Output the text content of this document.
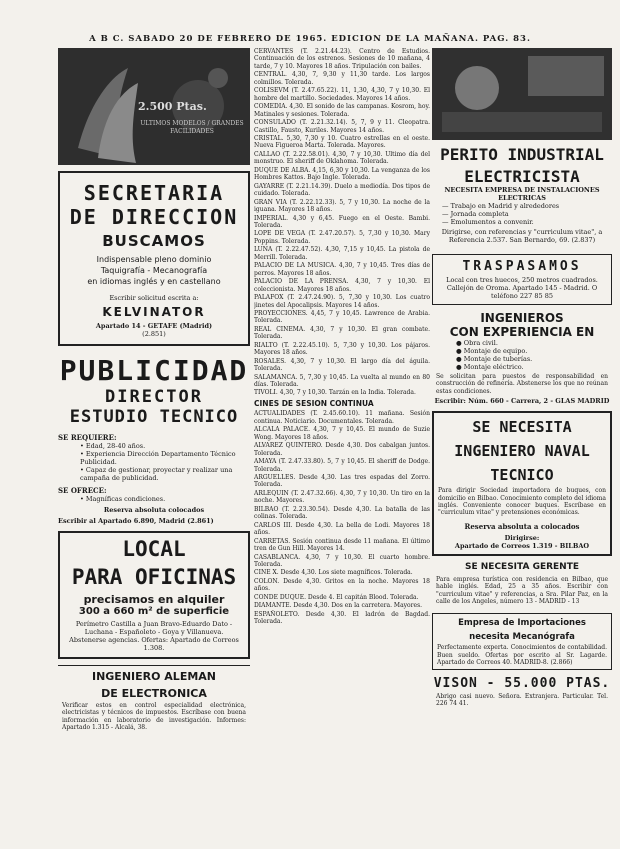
A B C. SABADO 20 DE FEBRERO DE 1965. EDICION DE LA MAÑANA. PAG. 83.
2.500 Ptas.
ULTIMOS MODELOS / GRANDES FACILIDADES
SECRETARIA
DE DIRECCION
BUSCAMOS
Indispensable pleno dominio
Taquigrafía - Mecanografía
en idiomas inglés y en castellano
Escribir solicitud escrita a:
KELVINATOR
Apartado 14 - GETAFE (Madrid)
(2.851)
PUBLICIDAD
DIRECTOR
ESTUDIO TECNICO
SE REQUIERE:
• Edad, 28-40 años.
• Experiencia Dirección Departamento Técnico Publicidad.
• Capaz de gestionar, proyectar y realizar una campaña de publicidad.
SE OFRECE:
• Magníficas condiciones.
Reserva absoluta colocados
Escribir al Apartado 6.890, Madrid (2.861)
LOCAL
PARA OFICINAS
precisamos en alquiler
300 a 660 m² de superficie
Perímetro Castilla a Juan Bravo-Eduardo Dato - Luchana - Españoleto - Goya y Villanueva. Abstenerse agencias. Ofertas: Apartado de Correos 1.308.
INGENIERO ALEMAN
DE ELECTRONICA
Verificar estos en control especialidad electrónica, electricistas y técnicos de impuestos. Escríbase con buena información en laboratorio de investigación. Informes: Apartado 1.315 - Alcalá, 38.

CERVANTES (T. 2.21.44.23). Centro de Estudios. Continuación de los estrenos. Sesiones de 10 mañana, 4 tarde, 7 y 10. Mayores 18 años. Tripulación con bailes.

CENTRAL. 4,30, 7, 9,30 y 11,30 tarde. Los largos colmillos. Tolerada.

COLISEVM (T. 2.47.65.22). 11, 1,30, 4,30, 7 y 10,30. El hombre del martillo. Sociedades. Mayores 14 años.

COMEDIA. 4,30. El sonido de las campanas. Kosrom, hoy. Matinales y sesiones. Tolerada.

CONSULADO (T. 2.21.32.14). 5, 7, 9 y 11. Cleopatra. Castillo, Fausto, Kuriles. Mayores 14 años.

CRISTAL. 5,30, 7,30 y 10. Cuatro estrellas en el oeste. Nueva Figueroa Marta. Tolerada. Mayores.

CALLAO (T. 2.22.58.01). 4,30, 7 y 10,30. Ultimo día del monstruo. El sheriff de Oklahoma. Tolerada.

DUQUE DE ALBA. 4,15, 6,30 y 10,30. La venganza de los Hombres Kattos. Bajo Ingle. Tolerada.

GAYARRE (T. 2.21.14.39). Duelo a mediodía. Dos tipos de cuidado. Tolerada.

GRAN VIA (T. 2.22.12.33). 5, 7 y 10,30. La noche de la iguana. Mayores 18 años.

IMPERIAL. 4,30 y 6,45. Fuego en el Oeste. Bambi. Tolerada.

LOPE DE VEGA (T. 2.47.20.57). 5, 7,30 y 10,30. Mary Poppins. Tolerada.

LUNA (T. 2.22.47.52). 4,30, 7,15 y 10,45. La pistola de Merrill. Tolerada.

PALACIO DE LA MUSICA. 4,30, 7 y 10,45. Tres días de perros. Mayores 18 años.

PALACIO DE LA PRENSA. 4,30, 7 y 10,30. El coleccionista. Mayores 18 años.

PALAFOX (T. 2.47.24.90). 5, 7,30 y 10,30. Los cuatro jinetes del Apocalipsis. Mayores 14 años.

PROYECCIONES. 4,45, 7 y 10,45. Lawrence de Arabia. Tolerada.

REAL CINEMA. 4,30, 7 y 10,30. El gran combate. Tolerada.

RIALTO (T. 2.22.45.10). 5, 7,30 y 10,30. Los pájaros. Mayores 18 años.

ROSALES. 4,30, 7 y 10,30. El largo día del águila. Tolerada.

SALAMANCA. 5, 7,30 y 10,45. La vuelta al mundo en 80 días. Tolerada.

TIVOLI. 4,30, 7 y 10,30. Tarzán en la India. Tolerada.

CINES DE SESION CONTINUA

ACTUALIDADES (T. 2.45.60.10). 11 mañana. Sesión continua. Noticiario. Documentales. Tolerada.

ALCALA PALACE. 4,30, 7 y 10,45. El mundo de Suzie Wong. Mayores 18 años.

ALVAREZ QUINTERO. Desde 4,30. Dos cabalgan juntos. Tolerada.

AMAYA (T. 2.47.33.80). 5, 7 y 10,45. El sheriff de Dodge. Tolerada.

ARGUELLES. Desde 4,30. Las tres espadas del Zorro. Tolerada.

ARLEQUIN (T. 2.47.32.66). 4,30, 7 y 10,30. Un tiro en la noche. Mayores.

BILBAO (T. 2.23.30.54). Desde 4,30. La batalla de las colinas. Tolerada.

CARLOS III. Desde 4,30. La bella de Lodi. Mayores 18 años.

CARRETAS. Sesión continua desde 11 mañana. El último tren de Gun Hill. Mayores 14.

CASABLANCA. 4,30, 7 y 10,30. El cuarto hombre. Tolerada.

CINE X. Desde 4,30. Los siete magníficos. Tolerada.

COLON. Desde 4,30. Gritos en la noche. Mayores 18 años.

CONDE DUQUE. Desde 4. El capitán Blood. Tolerada.

DIAMANTE. Desde 4,30. Dos en la carretera. Mayores.

ESPAÑOLETO. Desde 4,30. El ladrón de Bagdad. Tolerada.

PERITO INDUSTRIAL
ELECTRICISTA
NECESITA EMPRESA DE INSTALACIONES ELECTRICAS
— Trabajo en Madrid y alrededores
— Jornada completa
— Emolumentos a convenir.
Dirigirse, con referencias y "curriculum vitae", a Referencia 2.537. San Bernardo, 69. (2.837)
TRASPASAMOS
Local con tres huecos, 250 metros cuadrados. Callejón de Oroma. Apartado 145 - Madrid. O teléfono 227 85 85
INGENIEROS
CON EXPERIENCIA EN
● Obra civil.
● Montaje de equipo.
● Montaje de tuberías.
● Montaje eléctrico.
Se solicitan para puestos de responsabilidad en construcción de refinería. Abstenerse los que no reúnan estas condiciones.
Escribir: Núm. 660 - Carrera, 2 - GLAS MADRID
SE NECESITA
INGENIERO NAVAL
TECNICO
Para dirigir Sociedad importadora de buques, con domicilio en Bilbao. Conocimiento completo del idioma inglés. Conveniente conocer buques. Escríbase en "curriculum vitae" y pretensiones económicas.
Reserva absoluta a colocados
Dirigirse:
Apartado de Correos 1.319 - BILBAO
SE NECESITA GERENTE
Para empresa turística con residencia en Bilbao, que hable inglés. Edad, 25 a 35 años. Escribir con "curriculum vitae" y referencias, a Sra. Pilar Paz, en la calle de los Angeles, número 13 - MADRID - 13
Empresa de Importaciones
necesita Mecanógrafa
Perfectamente experta. Conocimientos de contabilidad. Buen sueldo. Ofertas por escrito al Sr. Lagarde. Apartado de Correos 40. MADRID-8. (2.866)
VISON - 55.000 PTAS.
Abrigo casi nuevo. Señora. Extranjera. Particular. Tel. 226 74 41.
